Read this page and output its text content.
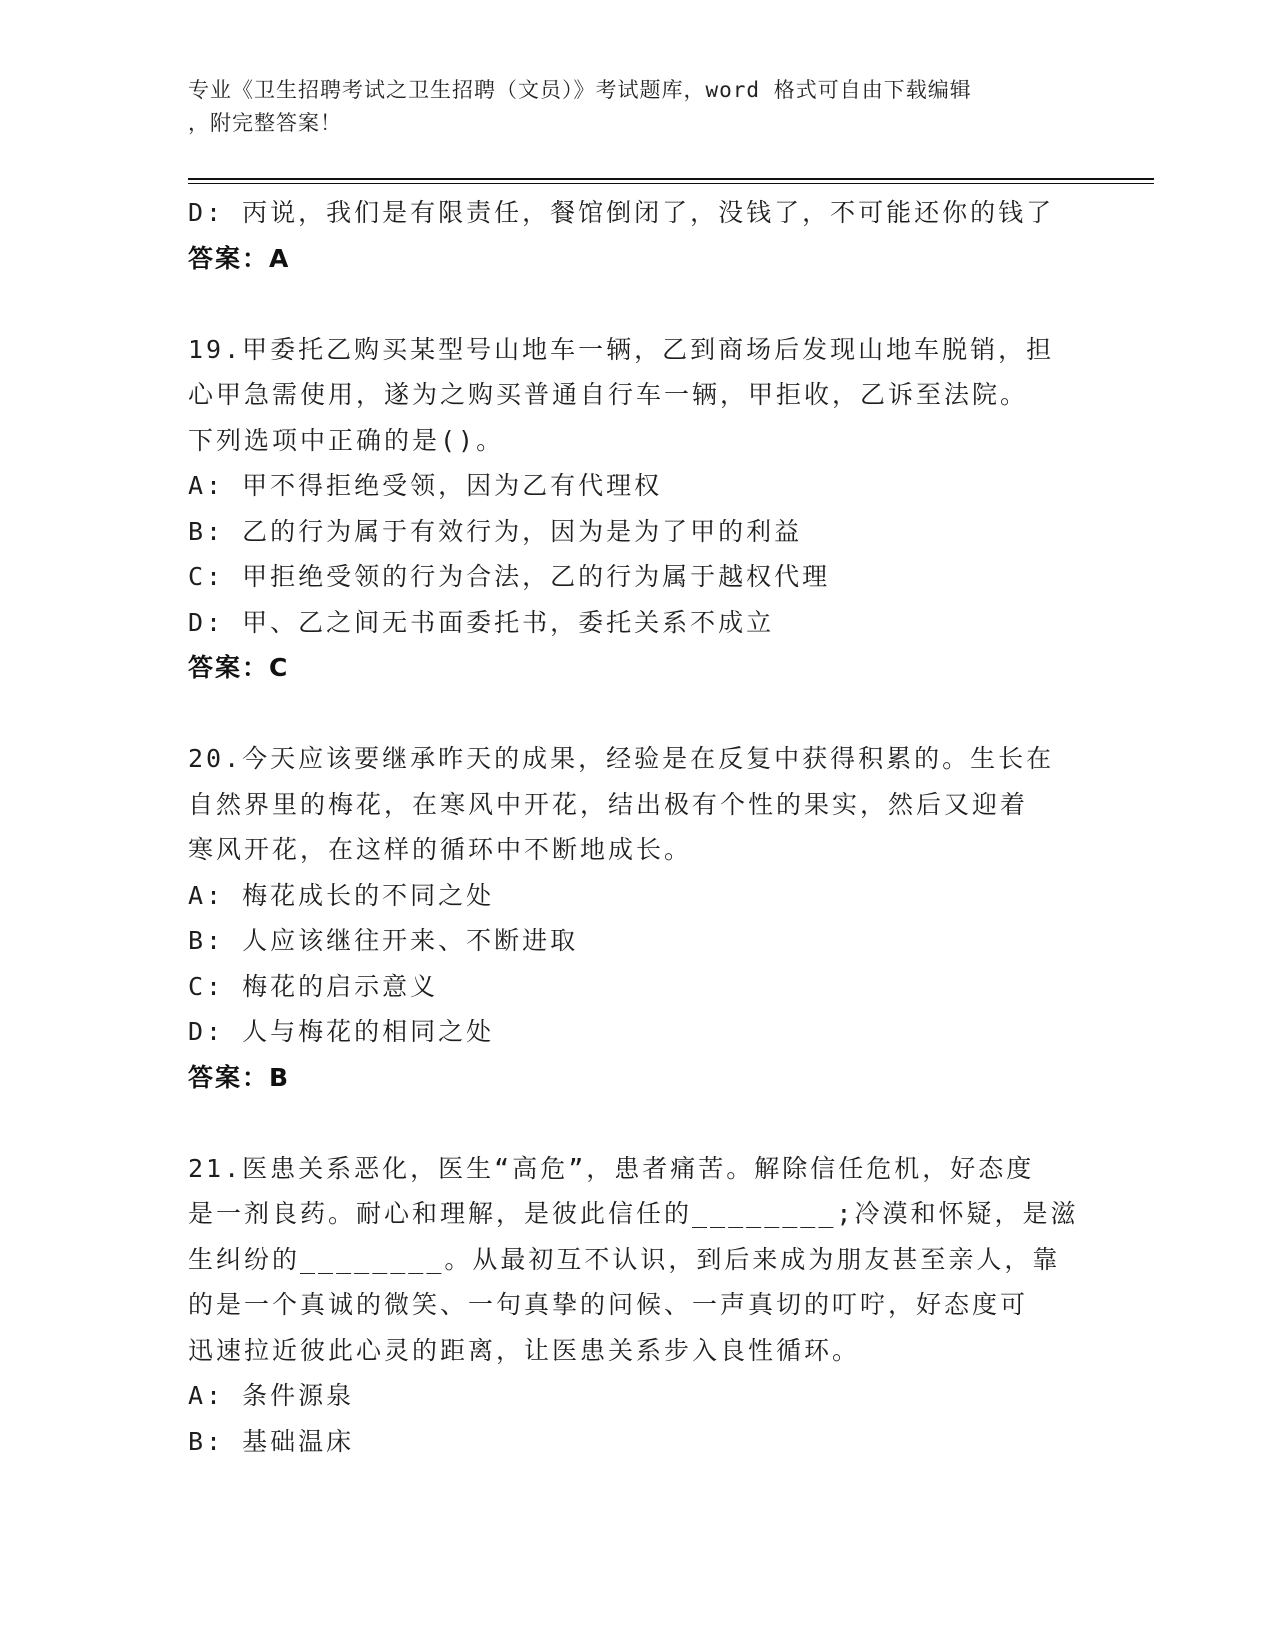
专业《卫生招聘考试之卫生招聘（文员）》考试题库，word 格式可自由下载编辑
，附完整答案！
D: 丙说，我们是有限责任，餐馆倒闭了，没钱了，不可能还你的钱了
答案：A
19.甲委托乙购买某型号山地车一辆，乙到商场后发现山地车脱销，担
心甲急需使用，遂为之购买普通自行车一辆，甲拒收，乙诉至法院。
下列选项中正确的是()。
A: 甲不得拒绝受领，因为乙有代理权
B: 乙的行为属于有效行为，因为是为了甲的利益
C: 甲拒绝受领的行为合法，乙的行为属于越权代理
D: 甲、乙之间无书面委托书，委托关系不成立
答案：C
20.今天应该要继承昨天的成果，经验是在反复中获得积累的。生长在
自然界里的梅花，在寒风中开花，结出极有个性的果实，然后又迎着
寒风开花，在这样的循环中不断地成长。
A: 梅花成长的不同之处
B: 人应该继往开来、不断进取
C: 梅花的启示意义
D: 人与梅花的相同之处
答案：B
21.医患关系恶化，医生“高危”，患者痛苦。解除信任危机，好态度
是一剂良药。耐心和理解，是彼此信任的________;冷漠和怀疑，是滋
生纠纷的________。从最初互不认识，到后来成为朋友甚至亲人，靠
的是一个真诚的微笑、一句真挚的问候、一声真切的叮咛，好态度可
迅速拉近彼此心灵的距离，让医患关系步入良性循环。
A: 条件源泉
B: 基础温床
